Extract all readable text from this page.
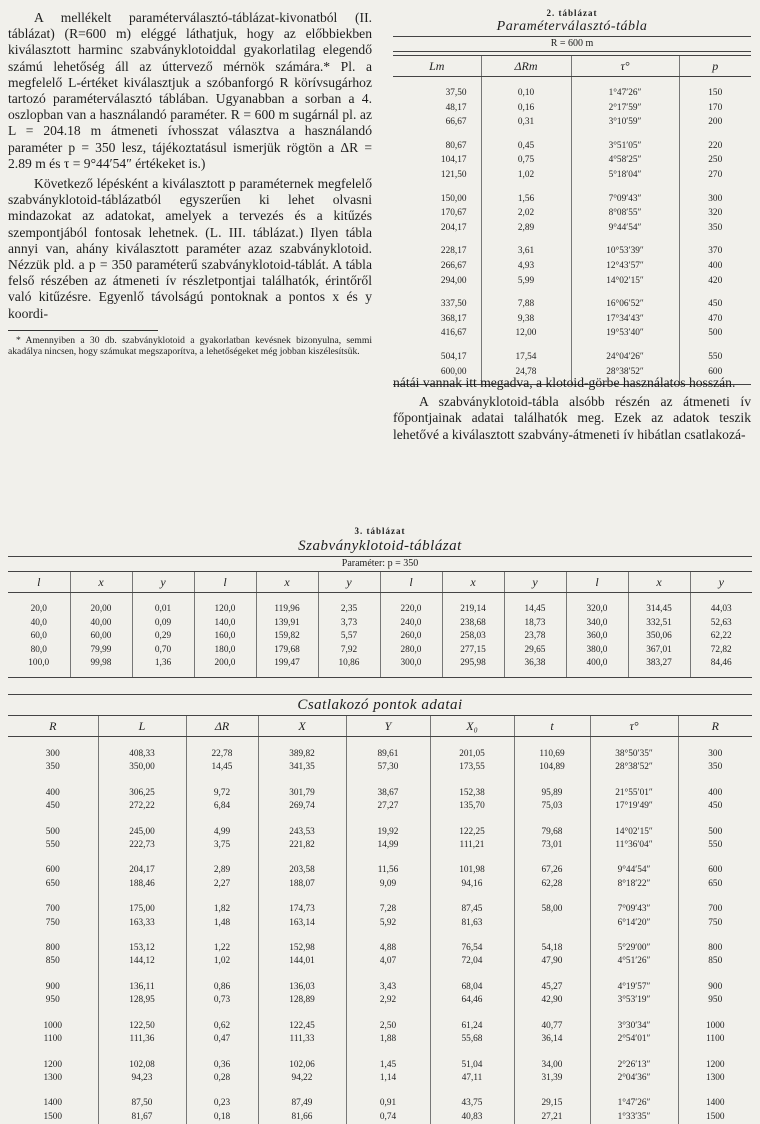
A mellékelt paraméterválasztó-táblázat-kivonatból (II. táblázat) (R=600 m) eléggé láthatjuk, hogy az előbbiekben kiválasztott harminc szabványklotoiddal gyakorlatilag elegendő számú lehetőség áll az úttervező mérnök számára.* Pl. a megfelelő L-értéket kiválasztjuk a szóbanforgó R körívsugárhoz tartozó paraméterválasztó táblában. Ugyanabban a sorban a 4. oszlopban van a használandó paraméter. R = 600 m sugárnál pl. az L = 204.18 m átmeneti ívhosszat választva a használandó paraméter p = 350 lesz, tájékoztatásul ismerjük rögtön a ΔR = 2.89 m és τ = 9°44′54″ értékeket is.)

Következő lépésként a kiválasztott p paraméternek megfelelő szabványklotoid-táblázatból egyszerűen ki lehet olvasni mindazokat az adatokat, amelyek a tervezés és a kitűzés szempontjából fontosak lehetnek. (L. III. táblázat.) Ilyen tábla annyi van, ahány kiválasztott paraméter azaz szabványklotoid. Nézzük pld. a p = 350 paraméterű szabványklotoid-táblát. A tábla felső részében az átmeneti ív részletpontjai találhatók, érintőről való kitűzésre. Egyenlő távolságú pontoknak a pontos x és y koordi-

* Amennyiben a 30 db. szabványklotoid a gyakorlatban kevésnek bizonyulna, semmi akadálya nincsen, hogy számukat megszaporítva, a lehetőségeket még jobban kiszélesítsük.

2. táblázat
Paraméterválasztó-tábla
R = 600 m
Lm	ΔRm	τ°	p

37,50	0,10	1°47′26″	150
48,17	0,16	2°17′59″	170
66,67	0,31	3°10′59″	200

80,67	0,45	3°51′05″	220
104,17	0,75	4°58′25″	250
121,50	1,02	5°18′04″	270

150,00	1,56	7°09′43″	300
170,67	2,02	8°08′55″	320
204,17	2,89	9°44′54″	350

228,17	3,61	10°53′39″	370
266,67	4,93	12°43′57″	400
294,00	5,99	14°02′15″	420

337,50	7,88	16°06′52″	450
368,17	9,38	17°34′43″	470
416,67	12,00	19°53′40″	500

504,17	17,54	24°04′26″	550
600,00	24,78	28°38′52″	600

nátái vannak itt megadva, a klotoid-görbe használatos hosszán.

A szabványklotoid-tábla alsóbb részén az átmeneti ív főpontjainak adatai találhatók meg. Ezek az adatok teszik lehetővé a kiválasztott szabvány-átmeneti ív hibátlan csatlakozá-

3. táblázat
Szabványklotoid-táblázat
Paraméter: p = 350
l	x	y	l	x	y	l	x	y	l	x	y

20,0	20,00	0,01	120,0	119,96	2,35	220,0	219,14	14,45	320,0	314,45	44,03
40,0	40,00	0,09	140,0	139,91	3,73	240,0	238,68	18,73	340,0	332,51	52,63
60,0	60,00	0,29	160,0	159,82	5,57	260,0	258,03	23,78	360,0	350,06	62,22
80,0	79,99	0,70	180,0	179,68	7,92	280,0	277,15	29,65	380,0	367,01	72,82
100,0	99,98	1,36	200,0	199,47	10,86	300,0	295,98	36,38	400,0	383,27	84,46

Csatlakozó pontok adatai
R	L	ΔR	X	Y	X₀	t	τ°	R

300	408,33	22,78	389,82	89,61	201,05	110,69	38°50′35″	300
350	350,00	14,45	341,35	57,30	173,55	104,89	28°38′52″	350

400	306,25	9,72	301,79	38,67	152,38	95,89	21°55′01″	400
450	272,22	6,84	269,74	27,27	135,70	75,03	17°19′49″	450

500	245,00	4,99	243,53	19,92	122,25	79,68	14°02′15″	500
550	222,73	3,75	221,82	14,99	111,21	73,01	11°36′04″	550

600	204,17	2,89	203,58	11,56	101,98	67,26	9°44′54″	600
650	188,46	2,27	188,07	9,09	94,16	62,28	8°18′22″	650

700	175,00	1,82	174,73	7,28	87,45	58,00	7°09′43″	700
750	163,33	1,48	163,14	5,92	81,63		6°14′20″	750

800	153,12	1,22	152,98	4,88	76,54	54,18	5°29′00″	800
850	144,12	1,02	144,01	4,07	72,04	47,90	4°51′26″	850

900	136,11	0,86	136,03	3,43	68,04	45,27	4°19′57″	900
950	128,95	0,73	128,89	2,92	64,46	42,90	3°53′19″	950

1000	122,50	0,62	122,45	2,50	61,24	40,77	3°30′34″	1000
1100	111,36	0,47	111,33	1,88	55,68	36,14	2°54′01″	1100

1200	102,08	0,36	102,06	1,45	51,04	34,00	2°26′13″	1200
1300	94,23	0,28	94,22	1,14	47,11	31,39	2°04′36″	1300

1400	87,50	0,23	87,49	0,91	43,75	29,15	1°47′26″	1400
1500	81,67	0,18	81,66	0,74	40,83	27,21	1°33′35″	1500
